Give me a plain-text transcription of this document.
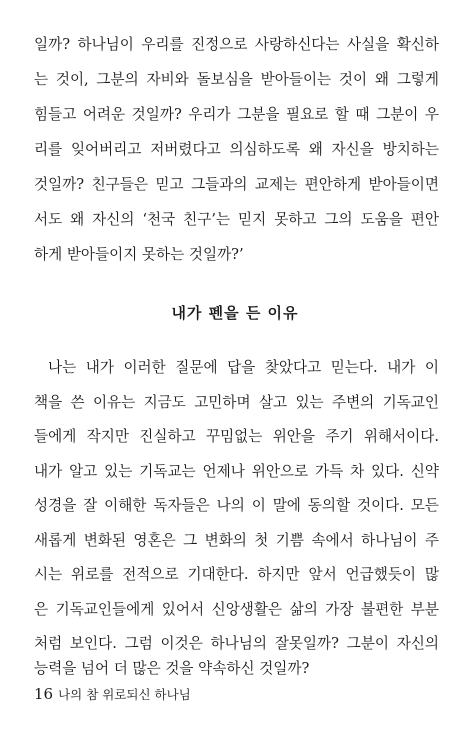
일까? 하나님이 우리를 진정으로 사랑하신다는 사실을 확신하
는 것이, 그분의 자비와 돌보심을 받아들이는 것이 왜 그렇게
힘들고 어려운 것일까? 우리가 그분을 필요로 할 때 그분이 우
리를 잊어버리고 저버렸다고 의심하도록 왜 자신을 방치하는
것일까? 친구들은 믿고 그들과의 교제는 편안하게 받아들이면
서도 왜 자신의 ‘천국 친구’는 믿지 못하고 그의 도움을 편안
하게 받아들이지 못하는 것일까?’
내가 펜을 든 이유
나는 내가 이러한 질문에 답을 찾았다고 믿는다. 내가 이
책을 쓴 이유는 지금도 고민하며 살고 있는 주변의 기독교인
들에게 작지만 진실하고 꾸밈없는 위안을 주기 위해서이다.
내가 알고 있는 기독교는 언제나 위안으로 가득 차 있다. 신약
성경을 잘 이해한 독자들은 나의 이 말에 동의할 것이다. 모든
새롭게 변화된 영혼은 그 변화의 첫 기쁨 속에서 하나님이 주
시는 위로를 전적으로 기대한다. 하지만 앞서 언급했듯이 많
은 기독교인들에게 있어서 신앙생활은 삶의 가장 불편한 부분
처럼 보인다. 그럼 이것은 하나님의 잘못일까? 그분이 자신의
능력을 넘어 더 많은 것을 약속하신 것일까?
16 나의 참 위로되신 하나님
